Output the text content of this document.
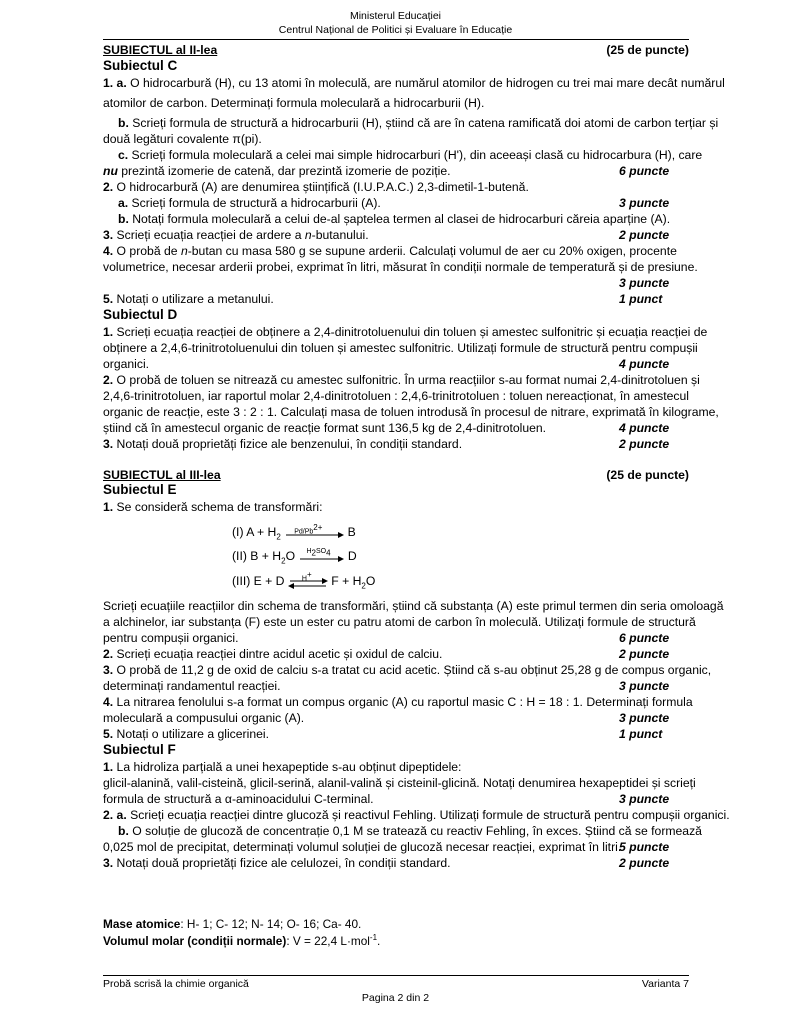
Ministerul Educației
Centrul Național de Politici și Evaluare în Educație
SUBIECTUL al II-lea	(25 de puncte)
Subiectul C
1. a. O hidrocarbură (H), cu 13 atomi în moleculă, are numărul atomilor de hidrogen cu trei mai mare decât numărul
atomilor de carbon. Determinați formula moleculară a hidrocarburii (H).
b. Scrieți formula de structură a hidrocarburii (H), știind că are în catena ramificată doi atomi de carbon terțiar și
două legături covalente π(pi).
c. Scrieți formula moleculară a celei mai simple hidrocarburi (H'), din aceeași clasă cu hidrocarbura (H), care
nu prezintă izomerie de catenă, dar prezintă izomerie de poziție.	6 puncte
2. O hidrocarbură (A) are denumirea științifică (I.U.P.A.C.) 2,3-dimetil-1-butenă.
a. Scrieți formula de structură a hidrocarburii (A).	3 puncte
b. Notați formula moleculară a celui de-al șaptelea termen al clasei de hidrocarburi căreia aparține (A).
3. Scrieți ecuația reacției de ardere a n-butanului.	2 puncte
4. O probă de n-butan cu masa 580 g se supune arderii. Calculați volumul de aer cu 20% oxigen, procente
volumetrice, necesar arderii probei, exprimat în litri, măsurat în condiții normale de temperatură și de presiune.
3 puncte
5. Notați o utilizare a metanului.	1 punct
Subiectul D
1. Scrieți ecuația reacției de obținere a 2,4-dinitrotoluenului din toluen și amestec sulfonitric și ecuația reacției de
obținere a 2,4,6-trinitrotoluenului din toluen și amestec sulfonitric. Utilizați formule de structură pentru compușii
organici.	4 puncte
2. O probă de toluen se nitrează cu amestec sulfonitric. În urma reacțiilor s-au format numai 2,4-dinitrotoluen și
2,4,6-trinitrotoluen, iar raportul molar 2,4-dinitrotoluen : 2,4,6-trinitrotoluen : toluen nereacționat, în amestecul
organic de reacție, este 3 : 2 : 1. Calculați masa de toluen introdusă în procesul de nitrare, exprimată în kilograme,
știind că în amestecul organic de reacție format sunt 136,5 kg de 2,4-dinitrotoluen.	4 puncte
3. Notați două proprietăți fizice ale benzenului, în condiții standard.	2 puncte
SUBIECTUL al III-lea	(25 de puncte)
Subiectul E
1. Se consideră schema de transformări:
(I) $A + H_2$
$Pd/Pb^{2+}$ B
(II) $B + H_2O$ $H_2SO_4$ D
(III) E + D H+ $F + H_2O$
Scrieți ecuațiile reacțiilor din schema de transformări, știind că substanța (A) este primul termen din seria omoloagă
a alchinelor, iar substanța (F) este un ester cu patru atomi de carbon în moleculă. Utilizați formule de structură
pentru compușii organici.	6 puncte
2. Scrieți ecuația reacției dintre acidul acetic și oxidul de calciu.	2 puncte
3. O probă de 11,2 g de oxid de calciu s-a tratat cu acid acetic. Știind că s-au obținut 25,28 g de compus organic,
determinați randamentul reacției.	3 puncte
4. La nitrarea fenolului s-a format un compus organic (A) cu raportul masic C : H = 18 : 1. Determinați formula
moleculară a compusului organic (A).	3 puncte
5. Notați o utilizare a glicerinei.	1 punct
Subiectul F
1. La hidroliza parțială a unei hexapeptide s-au obținut dipeptidele:
glicil-alanină, valil-cisteină, glicil-serină, alanil-valină și cisteinil-glicină. Notați denumirea hexapeptidei și scrieți
formula de structură a α-aminoacidului C-terminal.	3 puncte
2. a. Scrieți ecuația reacției dintre glucoză și reactivul Fehling. Utilizați formule de structură pentru compușii organici.
b. O soluție de glucoză de concentrație 0,1 M se tratează cu reactiv Fehling, în exces. Știind că se formează
0,025 mol de precipitat, determinați volumul soluției de glucoză necesar reacției, exprimat în litri.
5 puncte
3. Notați două proprietăți fizice ale celulozei, în condiții standard.	2 puncte
Mase atomice: H- 1; C- 12; N- 14; O- 16; Ca- 40.
Volumul molar (condiții normale): V = 22,4 L·mol$^{-1}$.
Probă scrisă la chimie organică	Varianta 7
Pagina 2 din 2
